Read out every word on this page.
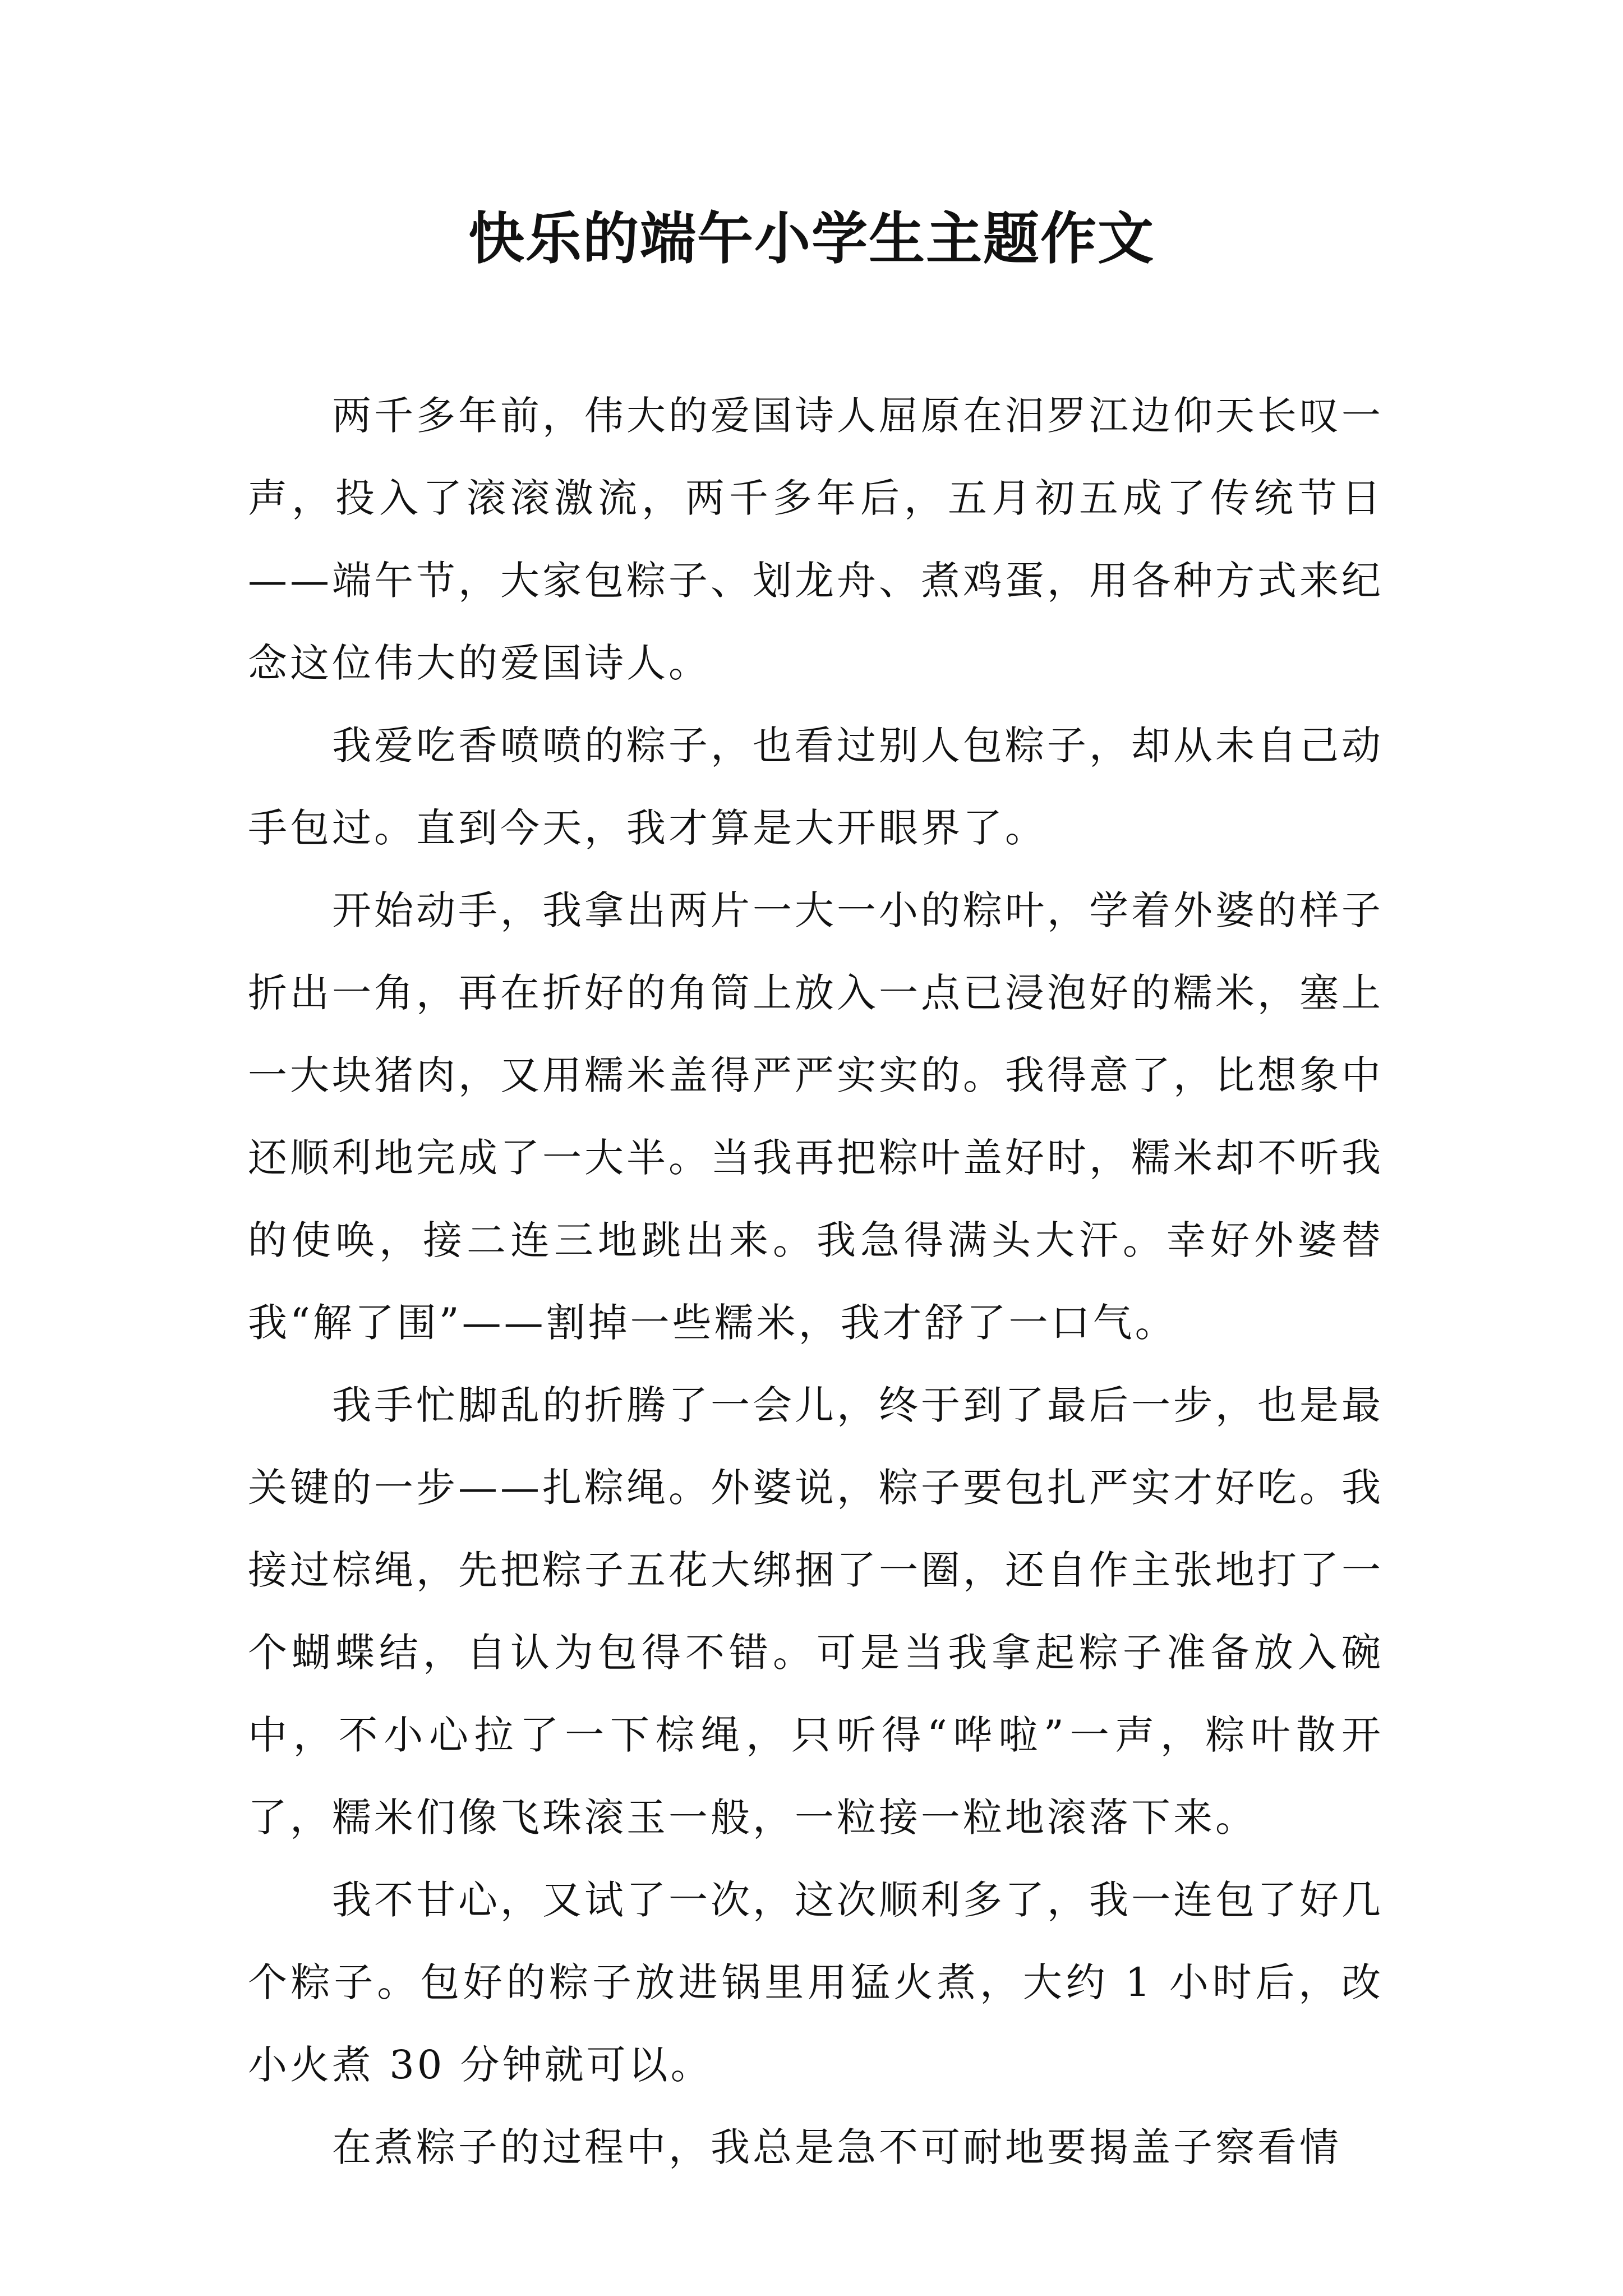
快乐的端午小学生主题作文

两千多年前，伟大的爱国诗人屈原在汨罗江边仰天长叹一声，投入了滚滚激流，两千多年后，五月初五成了传统节日——端午节，大家包粽子、划龙舟、煮鸡蛋，用各种方式来纪念这位伟大的爱国诗人。

我爱吃香喷喷的粽子，也看过别人包粽子，却从未自己动手包过。直到今天，我才算是大开眼界了。

开始动手，我拿出两片一大一小的粽叶，学着外婆的样子折出一角，再在折好的角筒上放入一点已浸泡好的糯米，塞上一大块猪肉，又用糯米盖得严严实实的。我得意了，比想象中还顺利地完成了一大半。当我再把粽叶盖好时，糯米却不听我的使唤，接二连三地跳出来。我急得满头大汗。幸好外婆替我“解了围”——割掉一些糯米，我才舒了一口气。

我手忙脚乱的折腾了一会儿，终于到了最后一步，也是最关键的一步——扎粽绳。外婆说，粽子要包扎严实才好吃。我接过棕绳，先把粽子五花大绑捆了一圈，还自作主张地打了一个蝴蝶结，自认为包得不错。可是当我拿起粽子准备放入碗中，不小心拉了一下棕绳，只听得“哗啦”一声，粽叶散开了，糯米们像飞珠滚玉一般，一粒接一粒地滚落下来。

我不甘心，又试了一次，这次顺利多了，我一连包了好几个粽子。包好的粽子放进锅里用猛火煮，大约 1 小时后，改小火煮 30 分钟就可以。

在煮粽子的过程中，我总是急不可耐地要揭盖子察看情
